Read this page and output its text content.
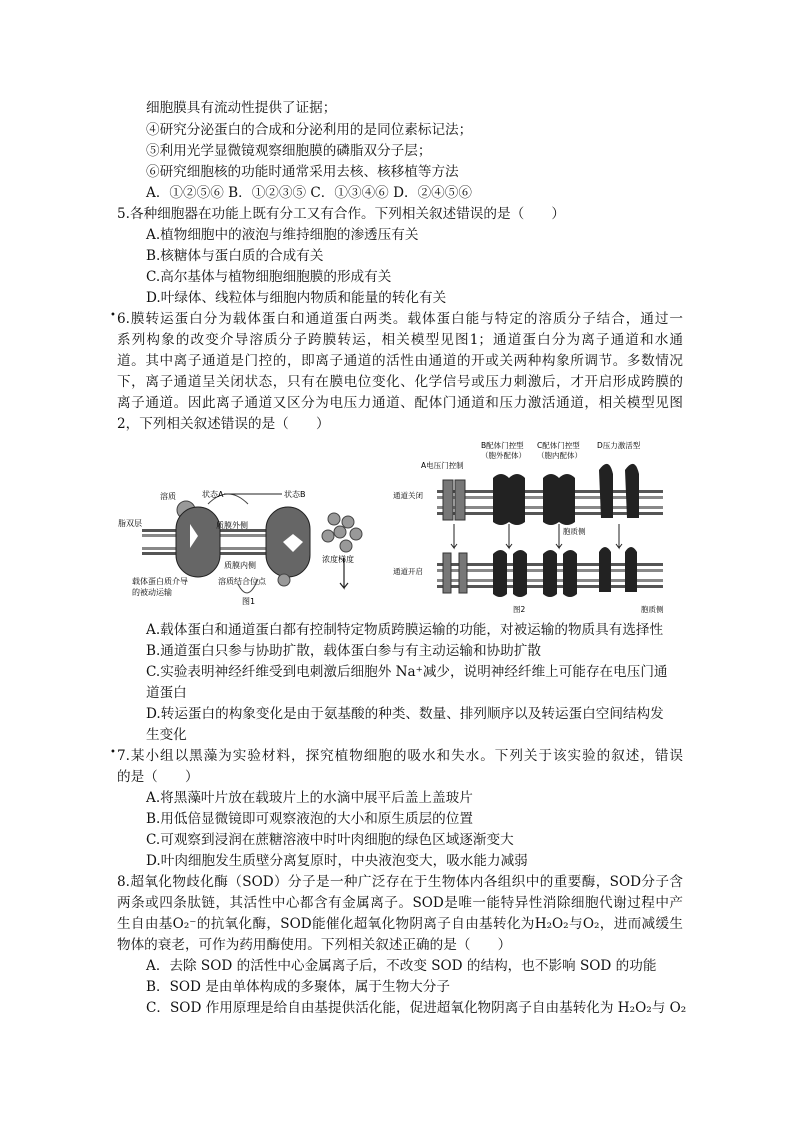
细胞膜具有流动性提供了证据；
④研究分泌蛋白的合成和分泌利用的是同位素标记法；
⑤利用光学显微镜观察细胞膜的磷脂双分子层；
⑥研究细胞核的功能时通常采用去核、核移植等方法
A．①②⑤⑥ B．①②③⑤ C．①③④⑥ D．②④⑤⑥
5.各种细胞器在功能上既有分工又有合作。下列相关叙述错误的是（　　）
A.植物细胞中的液泡与维持细胞的渗透压有关
B.核糖体与蛋白质的合成有关
C.高尔基体与植物细胞细胞膜的形成有关
D.叶绿体、线粒体与细胞内物质和能量的转化有关
• 6.膜转运蛋白分为载体蛋白和通道蛋白两类。载体蛋白能与特定的溶质分子结合，通过一
系列构象的改变介导溶质分子跨膜转运，相关模型见图1；通道蛋白分为离子通道和水通
道。其中离子通道是门控的，即离子通道的活性由通道的开或关两种构象所调节。多数情况
下，离子通道呈关闭状态，只有在膜电位变化、化学信号或压力刺激后，才开启形成跨膜的
离子通道。因此离子通道又区分为电压力通道、配体门通道和压力激活通道，相关模型见图
2，下列相关叙述错误的是（　　）
溶质	状态A	状态B
脂双层	质膜外侧
质膜内侧
浓度梯度
载体蛋白质介导
的被动运输
溶质结合位点
图1
A电压门控制
B配体门控型
（胞外配体）
C配体门控型
（胞内配体）
D压力激活型
通道关闭
通道开启
胞质侧
胞质侧
图2
A.载体蛋白和通道蛋白都有控制特定物质跨膜运输的功能，对被运输的物质具有选择性
B.通道蛋白只参与协助扩散，载体蛋白参与有主动运输和协助扩散
C.实验表明神经纤维受到电刺激后细胞外 Na⁺减少，说明神经纤维上可能存在电压门通
道蛋白
D.转运蛋白的构象变化是由于氨基酸的种类、数量、排列顺序以及转运蛋白空间结构发
生变化
• 7.某小组以黑藻为实验材料，探究植物细胞的吸水和失水。下列关于该实验的叙述，错误
的是（　　）
A.将黑藻叶片放在载玻片上的水滴中展平后盖上盖玻片
B.用低倍显微镜即可观察液泡的大小和原生质层的位置
C.可观察到浸润在蔗糖溶液中时叶肉细胞的绿色区域逐渐变大
D.叶肉细胞发生质壁分离复原时，中央液泡变大，吸水能力减弱
8.超氧化物歧化酶（SOD）分子是一种广泛存在于生物体内各组织中的重要酶，SOD分子含
两条或四条肽链，其活性中心都含有金属离子。SOD是唯一能特异性消除细胞代谢过程中产
生自由基O₂⁻的抗氧化酶，SOD能催化超氧化物阴离子自由基转化为H₂O₂与O₂，进而减缓生
物体的衰老，可作为药用酶使用。下列相关叙述正确的是（　　）
A．去除 SOD 的活性中心金属离子后，不改变 SOD 的结构，也不影响 SOD 的功能
B．SOD 是由单体构成的多聚体，属于生物大分子
C．SOD 作用原理是给自由基提供活化能，促进超氧化物阴离子自由基转化为 H₂O₂与 O₂
